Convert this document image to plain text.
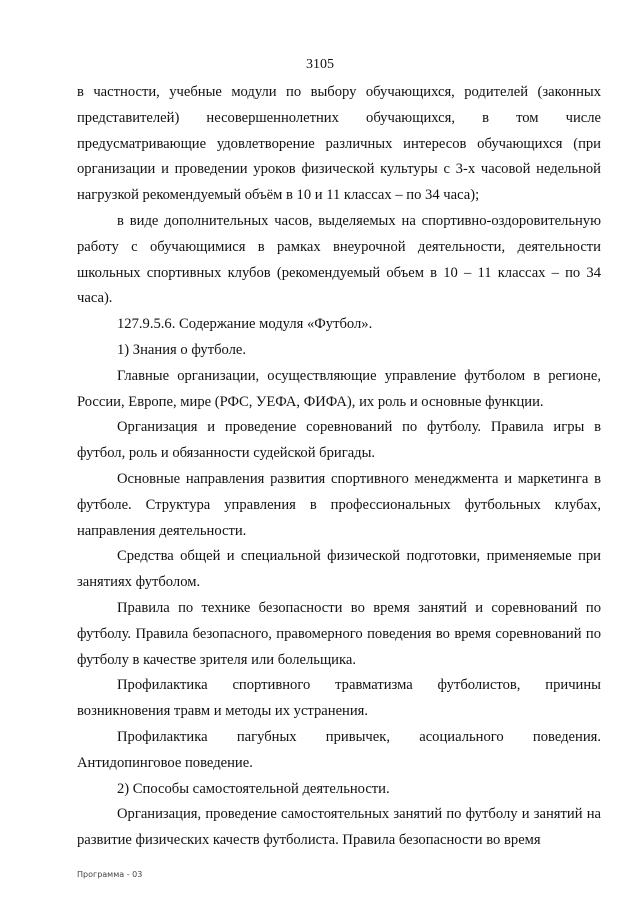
3105

в частности, учебные модули по выбору обучающихся, родителей (законных представителей) несовершеннолетних обучающихся, в том числе предусматривающие удовлетворение различных интересов обучающихся (при организации и проведении уроков физической культуры с 3-х часовой недельной нагрузкой рекомендуемый объём в 10 и 11 классах – по 34 часа);

в виде дополнительных часов, выделяемых на спортивно-оздоровительную работу с обучающимися в рамках внеурочной деятельности, деятельности школьных спортивных клубов (рекомендуемый объем в 10 – 11 классах – по 34 часа).

127.9.5.6. Содержание модуля «Футбол».

1) Знания о футболе.

Главные организации, осуществляющие управление футболом в регионе, России, Европе, мире (РФС, УЕФА, ФИФА), их роль и основные функции.

Организация и проведение соревнований по футболу. Правила игры в футбол, роль и обязанности судейской бригады.

Основные направления развития спортивного менеджмента и маркетинга в футболе. Структура управления в профессиональных футбольных клубах, направления деятельности.

Средства общей и специальной физической подготовки, применяемые при занятиях футболом.

Правила по технике безопасности во время занятий и соревнований по футболу. Правила безопасного, правомерного поведения во время соревнований по футболу в качестве зрителя или болельщика.

Профилактика спортивного травматизма футболистов, причины возникновения травм и методы их устранения.

Профилактика пагубных привычек, асоциального поведения. Антидопинговое поведение.

2) Способы самостоятельной деятельности.

Организация, проведение самостоятельных занятий по футболу и занятий на развитие физических качеств футболиста. Правила безопасности во время

Программа - 03
